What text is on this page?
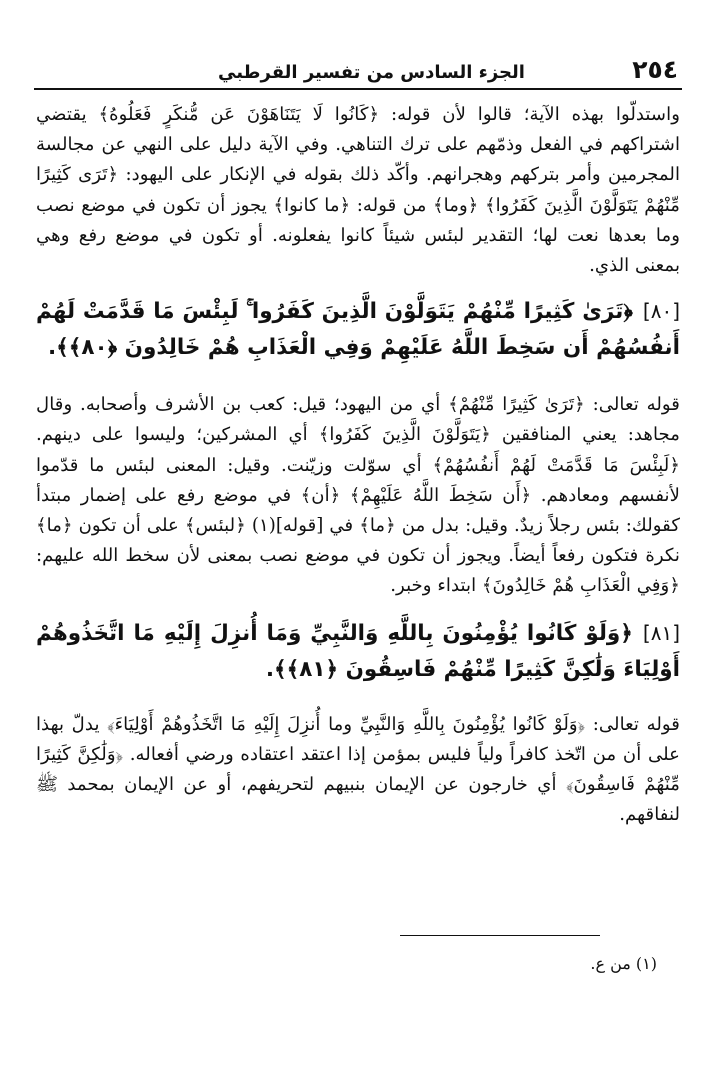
٢٥٤
الجزء السادس من تفسير القرطبي

واستدلّوا بهذه الآية؛ قالوا لأن قوله: ﴿كَانُوا لَا يَتَنَاهَوْنَ عَن مُّنكَرٍ فَعَلُوهُ﴾ يقتضي اشتراكهم في الفعل وذمّهم على ترك التناهي. وفي الآية دليل على النهي عن مجالسة المجرمين وأمر بتركهم وهجرانهم. وأكّد ذلك بقوله في الإنكار على اليهود: ﴿تَرَى كَثِيرًا مِّنْهُمْ يَتَوَلَّوْنَ الَّذِينَ كَفَرُوا﴾ ﴿وما﴾ من قوله: ﴿ما كانوا﴾ يجوز أن تكون في موضع نصب وما بعدها نعت لها؛ التقدير لبئس شيئاً كانوا يفعلونه. أو تكون في موضع رفع وهي بمعنى الذي.

[٨٠]﴿تَرَىٰ كَثِيرًا مِّنْهُمْ يَتَوَلَّوْنَ الَّذِينَ كَفَرُوا ۚ لَبِئْسَ مَا قَدَّمَتْ لَهُمْ أَنفُسُهُمْ أَن سَخِطَ اللَّهُ عَلَيْهِمْ وَفِي الْعَذَابِ هُمْ خَالِدُونَ ﴿٨٠﴾﴾.

قوله تعالى: ﴿تَرَىٰ كَثِيرًا مِّنْهُمْ﴾ أي من اليهود؛ قيل: كعب بن الأشرف وأصحابه. وقال مجاهد: يعني المنافقين ﴿يَتَوَلَّوْنَ الَّذِينَ كَفَرُوا﴾ أي المشركين؛ وليسوا على دينهم. ﴿لَبِئْسَ مَا قَدَّمَتْ لَهُمْ أَنفُسُهُمْ﴾ أي سوّلت وزيّنت. وقيل: المعنى لبئس ما قدّموا لأنفسهم ومعادهم. ﴿أَن سَخِطَ اللَّهُ عَلَيْهِمْ﴾ ﴿أن﴾ في موضع رفع على إضمار مبتدأ كقولك: بئس رجلاً زيدٌ. وقيل: بدل من ﴿ما﴾ في [قوله](١) ﴿لبئس﴾ على أن تكون ﴿ما﴾ نكرة فتكون رفعاً أيضاً. ويجوز أن تكون في موضع نصب بمعنى لأن سخط الله عليهم: ﴿وَفِي الْعَذَابِ هُمْ خَالِدُونَ﴾ ابتداء وخبر.

[٨١]﴿وَلَوْ كَانُوا يُؤْمِنُونَ بِاللَّهِ وَالنَّبِيِّ وَمَا أُنزِلَ إِلَيْهِ مَا اتَّخَذُوهُمْ أَوْلِيَاءَ وَلَٰكِنَّ كَثِيرًا مِّنْهُمْ فَاسِقُونَ ﴿٨١﴾﴾.

قوله تعالى: ﴿وَلَوْ كَانُوا يُؤْمِنُونَ بِاللَّهِ وَالنَّبِيِّ وما أُنزِلَ إِلَيْهِ مَا اتَّخَذُوهُمْ أَوْلِيَاءَ﴾ يدلّ بهذا على أن من اتّخذ كافراً ولياً فليس بمؤمن إذا اعتقد اعتقاده ورضي أفعاله. ﴿وَلَٰكِنَّ كَثِيرًا مِّنْهُمْ فَاسِقُونَ﴾ أي خارجون عن الإيمان بنبيهم لتحريفهم، أو عن الإيمان بمحمد ﷺ لنفاقهم.

(١) من ع.
